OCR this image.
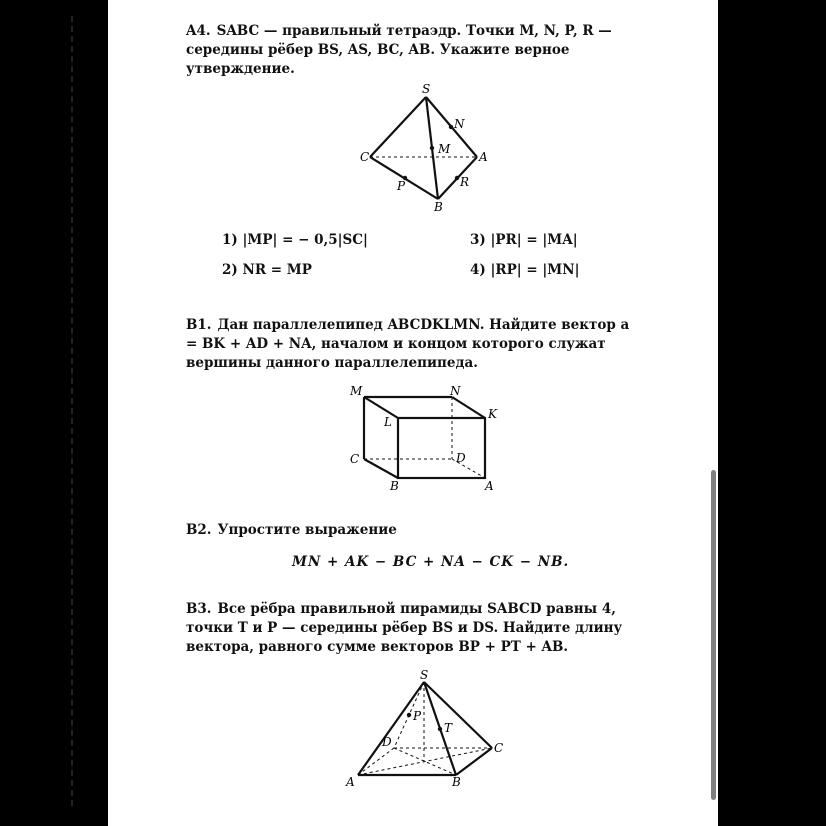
A4. SABC — правильный тетраэдр. Точки M, N, P, R — середины рёбер BS, AS, BC, AB. Укажите верное утверждение.
S
N
M
C	A
P	R
B
1) |MP| = − 0,5|SC|	3) |PR| = |MA|
2) NR = MP	4) |RP| = |MN|
B1. Дан параллелепипед ABCDKLMN. Найдите вектор a = BK + AD + NA, началом и концом которого служат вершины данного параллелепипеда.
M	N
K
L
C	D
B	A
B2. Упростите выражение
MN + AK − BC + NA − CK − NB.
B3. Все рёбра правильной пирамиды SABCD равны 4, точки T и P — середины рёбер BS и DS. Найдите длину вектора, равного сумме векторов BP + PT + AB.
S
P
T
D	C
A	B
